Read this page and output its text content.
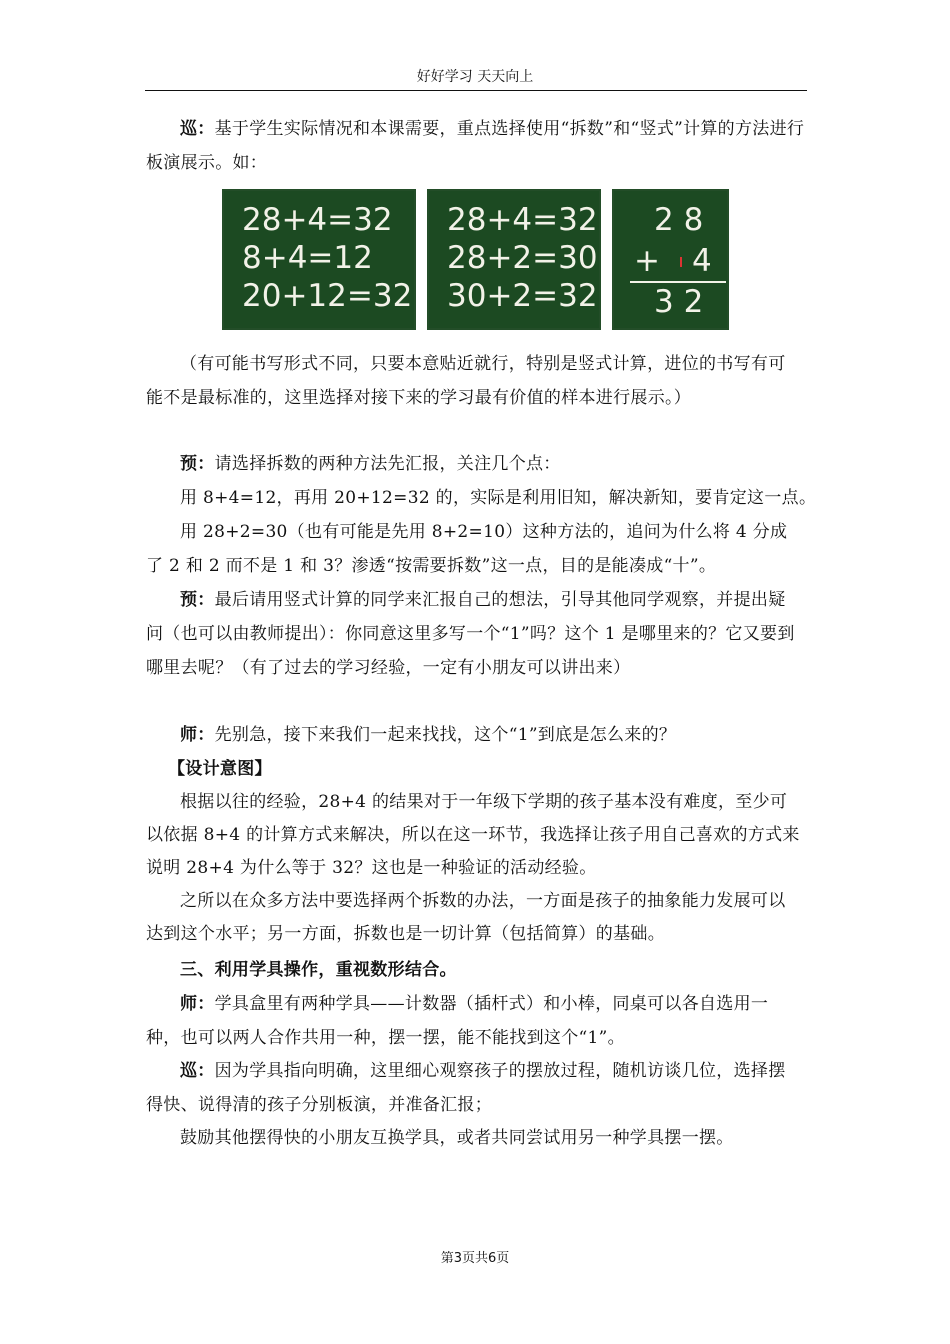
好好学习 天天向上
巡：基于学生实际情况和本课需要，重点选择使用“拆数”和“竖式”计算的方法进行板演展示。如：
28+4=32
8+4=12
20+12=32
28+4=32
28+2=30
30+2=32
2 8
+ 4
3 2
（有可能书写形式不同，只要本意贴近就行，特别是竖式计算，进位的书写有可能不是最标准的，这里选择对接下来的学习最有价值的样本进行展示。）
预：请选择拆数的两种方法先汇报，关注几个点：
用 8+4=12，再用 20+12=32 的，实际是利用旧知，解决新知，要肯定这一点。
用 28+2=30（也有可能是先用 8+2=10）这种方法的，追问为什么将 4 分成了 2 和 2 而不是 1 和 3？渗透“按需要拆数”这一点，目的是能凑成“十”。
预：最后请用竖式计算的同学来汇报自己的想法，引导其他同学观察，并提出疑问（也可以由教师提出）：你同意这里多写一个“1”吗？这个 1 是哪里来的？它又要到哪里去呢？（有了过去的学习经验，一定有小朋友可以讲出来）
师：先别急，接下来我们一起来找找，这个“1”到底是怎么来的？
【设计意图】
根据以往的经验，28+4 的结果对于一年级下学期的孩子基本没有难度，至少可以依据 8+4 的计算方式来解决，所以在这一环节，我选择让孩子用自己喜欢的方式来说明 28+4 为什么等于 32？这也是一种验证的活动经验。
之所以在众多方法中要选择两个拆数的办法，一方面是孩子的抽象能力发展可以达到这个水平；另一方面，拆数也是一切计算（包括简算）的基础。
三、利用学具操作，重视数形结合。
师：学具盒里有两种学具——计数器（插杆式）和小棒，同桌可以各自选用一种，也可以两人合作共用一种，摆一摆，能不能找到这个“1”。
巡：因为学具指向明确，这里细心观察孩子的摆放过程，随机访谈几位，选择摆得快、说得清的孩子分别板演，并准备汇报；
鼓励其他摆得快的小朋友互换学具，或者共同尝试用另一种学具摆一摆。
第3页共6页
